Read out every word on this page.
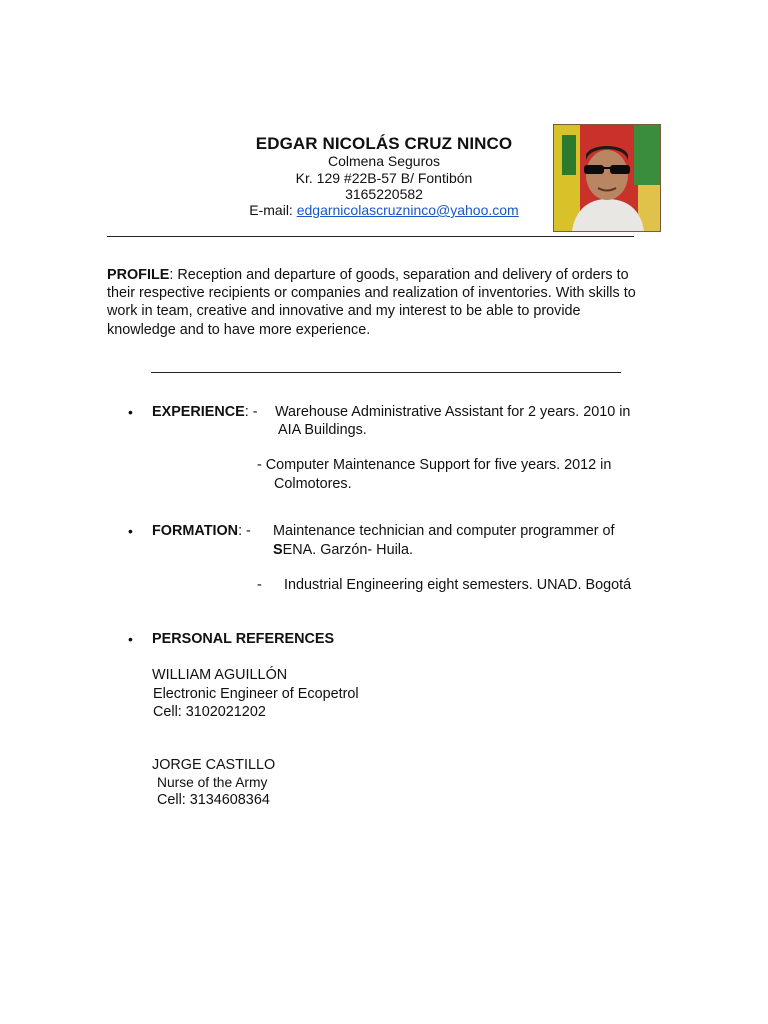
EDGAR NICOLÁS CRUZ NINCO
Colmena Seguros
Kr. 129 #22B-57 B/ Fontibón
3165220582
E-mail: edgarnicolascruzninco@yahoo.com
PROFILE: Reception and departure of goods, separation and delivery of orders to
their respective recipients or companies and realization of inventories. With skills to
work in team, creative and innovative and my interest to be able to provide
knowledge and to have more experience.
• EXPERIENCE: - Warehouse Administrative Assistant for 2 years. 2010 in
AIA Buildings.
- Computer Maintenance Support for five years. 2012 in
Colmotores.
• FORMATION: - Maintenance technician and computer programmer of
SENA. Garzón- Huila.
- Industrial Engineering eight semesters. UNAD. Bogotá
• PERSONAL REFERENCES
WILLIAM AGUILLÓN
Electronic Engineer of Ecopetrol
Cell: 3102021202
JORGE CASTILLO
Nurse of the Army
Cell: 3134608364
